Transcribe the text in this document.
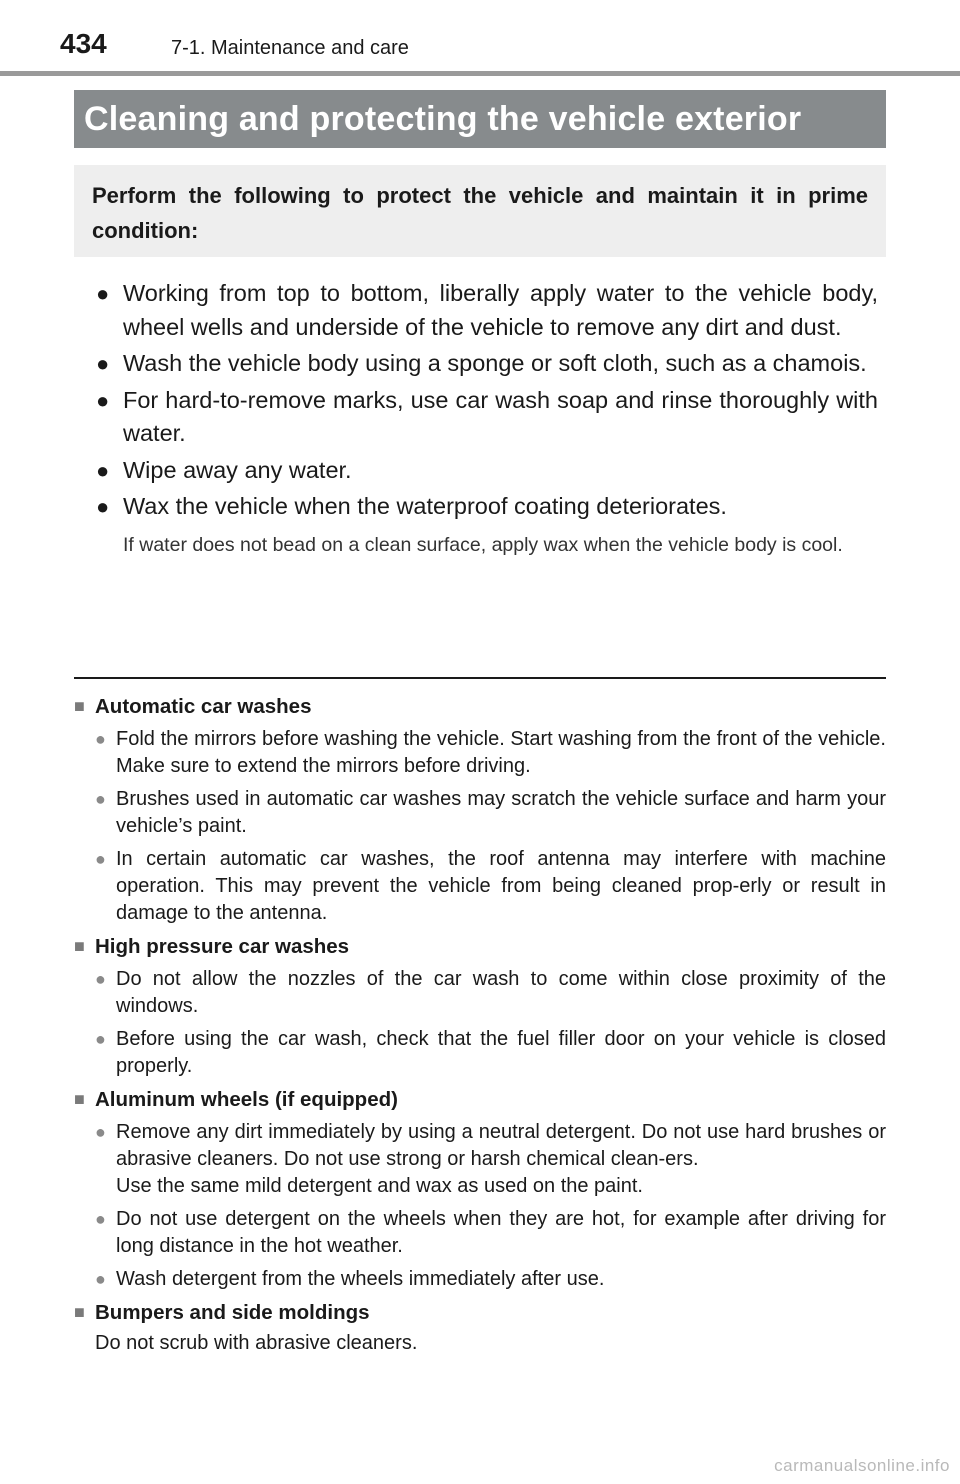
434	7-1. Maintenance and care
Cleaning and protecting the vehicle exterior
Perform the following to protect the vehicle and maintain it in prime condition:
● Working from top to bottom, liberally apply water to the vehicle body, wheel wells and underside of the vehicle to remove any dirt and dust.
● Wash the vehicle body using a sponge or soft cloth, such as a chamois.
● For hard-to-remove marks, use car wash soap and rinse thoroughly with water.
● Wipe away any water.
● Wax the vehicle when the waterproof coating deteriorates.
If water does not bead on a clean surface, apply wax when the vehicle body is cool.
■ Automatic car washes
● Fold the mirrors before washing the vehicle. Start washing from the front of the vehicle. Make sure to extend the mirrors before driving.
● Brushes used in automatic car washes may scratch the vehicle surface and harm your vehicle’s paint.
● In certain automatic car washes, the roof antenna may interfere with machine operation. This may prevent the vehicle from being cleaned prop-erly or result in damage to the antenna.
■ High pressure car washes
● Do not allow the nozzles of the car wash to come within close proximity of the windows.
● Before using the car wash, check that the fuel filler door on your vehicle is closed properly.
■ Aluminum wheels (if equipped)
● Remove any dirt immediately by using a neutral detergent. Do not use hard brushes or abrasive cleaners. Do not use strong or harsh chemical clean-ers.
Use the same mild detergent and wax as used on the paint.
● Do not use detergent on the wheels when they are hot, for example after driving for long distance in the hot weather.
● Wash detergent from the wheels immediately after use.
■ Bumpers and side moldings
Do not scrub with abrasive cleaners.
carmanualsonline.info
